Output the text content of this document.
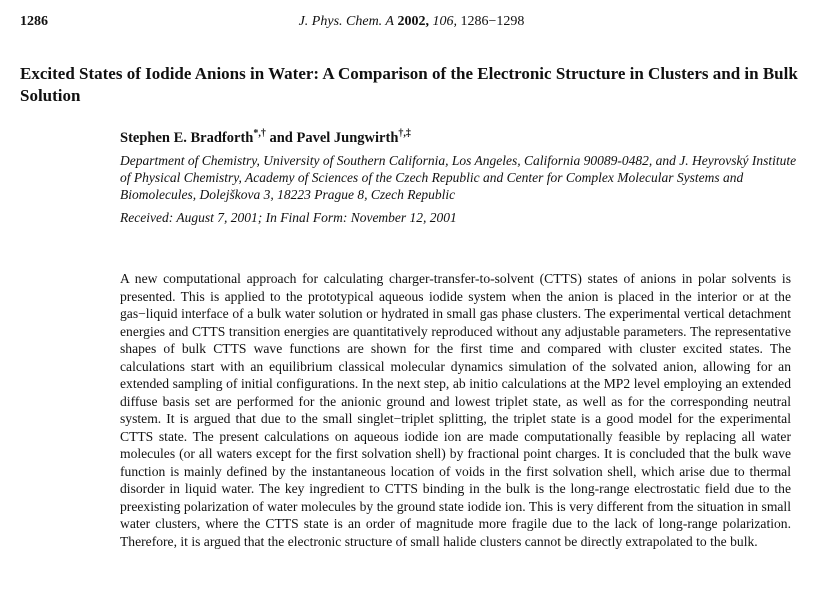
1286	J. Phys. Chem. A 2002, 106, 1286−1298
Excited States of Iodide Anions in Water: A Comparison of the Electronic Structure in Clusters and in Bulk Solution

Stephen E. Bradforth*,† and Pavel Jungwirth†,‡

Department of Chemistry, University of Southern California, Los Angeles, California 90089-0482, and J. Heyrovský Institute of Physical Chemistry, Academy of Sciences of the Czech Republic and Center for Complex Molecular Systems and Biomolecules, Dolejškova 3, 18223 Prague 8, Czech Republic

Received: August 7, 2001; In Final Form: November 12, 2001

A new computational approach for calculating charger-transfer-to-solvent (CTTS) states of anions in polar solvents is presented. This is applied to the prototypical aqueous iodide system when the anion is placed in the interior or at the gas−liquid interface of a bulk water solution or hydrated in small gas phase clusters. The experimental vertical detachment energies and CTTS transition energies are quantitatively reproduced without any adjustable parameters. The representative shapes of bulk CTTS wave functions are shown for the first time and compared with cluster excited states. The calculations start with an equilibrium classical molecular dynamics simulation of the solvated anion, allowing for an extended sampling of initial configurations. In the next step, ab initio calculations at the MP2 level employing an extended diffuse basis set are performed for the anionic ground and lowest triplet state, as well as for the corresponding neutral system. It is argued that due to the small singlet−triplet splitting, the triplet state is a good model for the experimental CTTS state. The present calculations on aqueous iodide ion are made computationally feasible by replacing all water molecules (or all waters except for the first solvation shell) by fractional point charges. It is concluded that the bulk wave function is mainly defined by the instantaneous location of voids in the first solvation shell, which arise due to thermal disorder in liquid water. The key ingredient to CTTS binding in the bulk is the long-range electrostatic field due to the preexisting polarization of water molecules by the ground state iodide ion. This is very different from the situation in small water clusters, where the CTTS state is an order of magnitude more fragile due to the lack of long-range polarization. Therefore, it is argued that the electronic structure of small halide clusters cannot be directly extrapolated to the bulk.
